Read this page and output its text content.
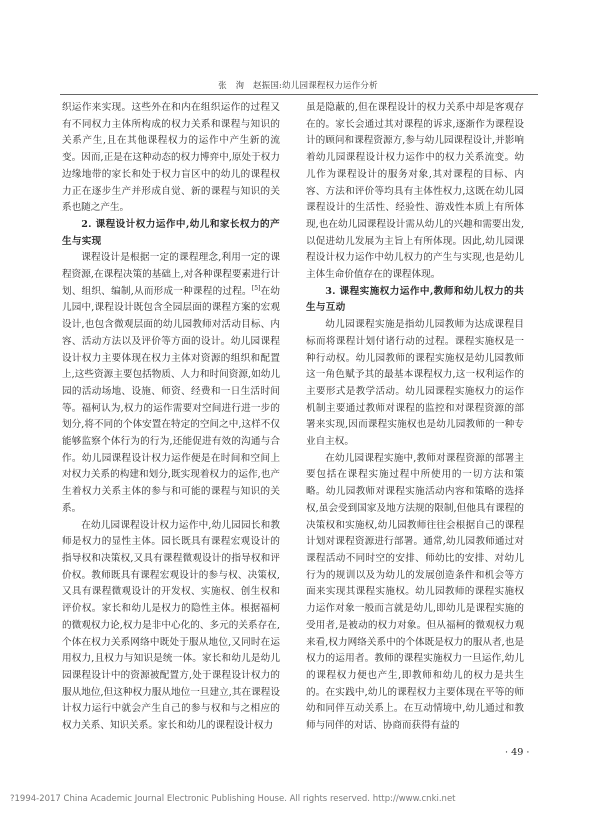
张　洵　赵振国:幼儿园课程权力运作分析

织运作来实现。这些外在和内在组织运作的过程又有不同权力主体所构成的权力关系和课程与知识的关系产生,且在其他课程权力的运作中产生新的流变。因而,正是在这种动态的权力博弈中,原处于权力边缘地带的家长和处于权力盲区中的幼儿的课程权力正在逐步生产并形成自觉、新的课程与知识的关系也随之产生。

2. 课程设计权力运作中,幼儿和家长权力的产生与实现

课程设计是根据一定的课程理念,利用一定的课程资源,在课程决策的基础上,对各种课程要素进行计划、组织、编制,从而形成一种课程的过程。[5]在幼儿园中,课程设计既包含全园层面的课程方案的宏观设计,也包含微观层面的幼儿园教师对活动目标、内容、活动方法以及评价等方面的设计。幼儿园课程设计权力主要体现在权力主体对资源的组织和配置上,这些资源主要包括物质、人力和时间资源,如幼儿园的活动场地、设施、师资、经费和一日生活时间等。福柯认为,权力的运作需要对空间进行进一步的划分,将不同的个体安置在特定的空间之中,这样不仅能够监察个体行为的行为,还能促进有效的沟通与合作。幼儿园课程设计权力运作便是在时间和空间上对权力关系的构建和划分,既实现着权力的运作,也产生着权力关系主体的参与和可能的课程与知识的关系。

在幼儿园课程设计权力运作中,幼儿园园长和教师是权力的显性主体。园长既具有课程宏观设计的指导权和决策权,又具有课程微观设计的指导权和评价权。教师既具有课程宏观设计的参与权、决策权,又具有课程微观设计的开发权、实施权、创生权和评价权。家长和幼儿是权力的隐性主体。根据福柯的微观权力论,权力是非中心化的、多元的关系存在,个体在权力关系网络中既处于服从地位,又同时在运用权力,且权力与知识是统一体。家长和幼儿是幼儿园课程设计中的资源被配置方,处于课程设计权力的服从地位,但这种权力服从地位一旦建立,其在课程设计权力运行中就会产生自己的参与权和与之相应的权力关系、知识关系。家长和幼儿的课程设计权力

虽是隐蔽的,但在课程设计的权力关系中却是客观存在的。家长会通过其对课程的诉求,逐渐作为课程设计的顾问和课程资源方,参与幼儿园课程设计,并影响着幼儿园课程设计权力运作中的权力关系流变。幼儿作为课程设计的服务对象,其对课程的目标、内容、方法和评价等均具有主体性权力,这既在幼儿园课程设计的生活性、经验性、游戏性本质上有所体现,也在幼儿园课程设计需从幼儿的兴趣和需要出发,以促进幼儿发展为主旨上有所体现。因此,幼儿园课程设计权力运作中幼儿权力的产生与实现,也是幼儿主体生命价值存在的课程体现。

3. 课程实施权力运作中,教师和幼儿权力的共生与互动

幼儿园课程实施是指幼儿园教师为达成课程目标而将课程计划付诸行动的过程。课程实施权是一种行动权。幼儿园教师的课程实施权是幼儿园教师这一角色赋予其的最基本课程权力,这一权利运作的主要形式是教学活动。幼儿园课程实施权力的运作机制主要通过教师对课程的监控和对课程资源的部署来实现,因而课程实施权也是幼儿园教师的一种专业自主权。

在幼儿园课程实施中,教师对课程资源的部署主要包括在课程实施过程中所使用的一切方法和策略。幼儿园教师对课程实施活动内容和策略的选择权,虽会受到国家及地方法规的限制,但他具有课程的决策权和实施权,幼儿园教师往往会根据自己的课程计划对课程资源进行部署。通常,幼儿园教师通过对课程活动不同时空的安排、师幼比的安排、对幼儿行为的规训以及为幼儿的发展创造条件和机会等方面来实现其课程实施权。幼儿园教师的课程实施权力运作对象一般而言就是幼儿,即幼儿是课程实施的受用者,是被动的权力对象。但从福柯的微观权力观来看,权力网络关系中的个体既是权力的服从者,也是权力的运用者。教师的课程实施权力一旦运作,幼儿的课程权力便也产生,即教师和幼儿的权力是共生的。在实践中,幼儿的课程权力主要体现在平等的师幼和同伴互动关系上。在互动情境中,幼儿通过和教师与同伴的对话、协商而获得有益的

· 49 ·
?1994-2017 China Academic Journal Electronic Publishing House. All rights reserved. http://www.cnki.net
